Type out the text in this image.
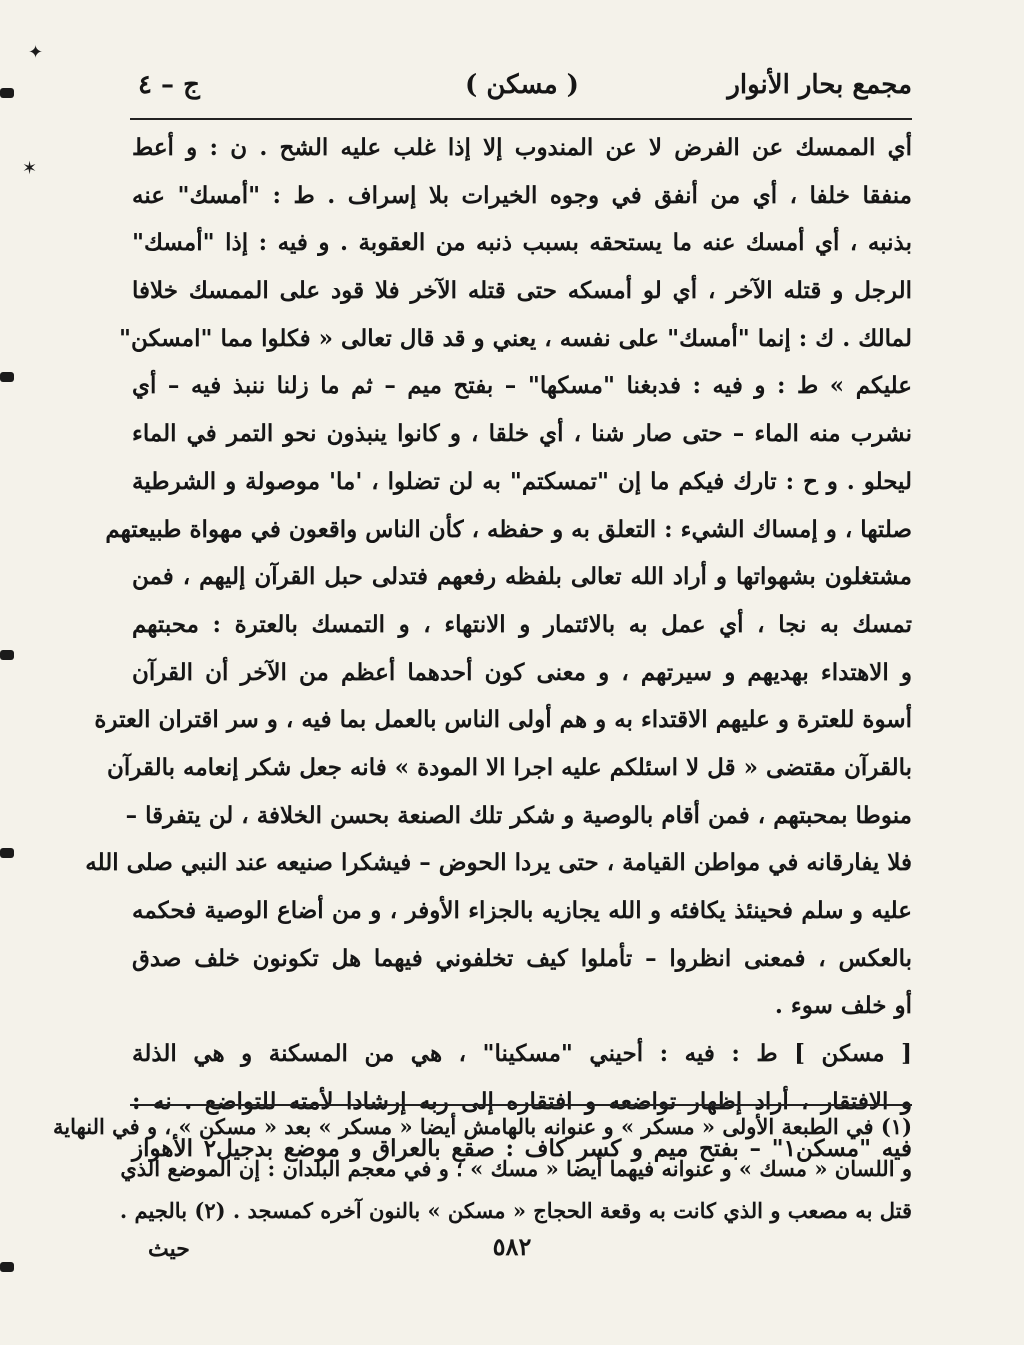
مجمع بحار الأنوار
( مسكن )
ج – ٤
أي الممسك عن الفرض لا عن المندوب إلا إذا غلب عليه الشح . ن : و أعط
منفقا خلفا ، أي من أنفق في وجوه الخيرات بلا إسراف . ط : "أمسك" عنه
بذنبه ، أي أمسك عنه ما يستحقه بسبب ذنبه من العقوبة . و فيه : إذا "أمسك"
الرجل و قتله الآخر ، أي لو أمسكه حتى قتله الآخر فلا قود على الممسك خلافا
لمالك . ك : إنما "أمسك" على نفسه ، يعني و قد قال تعالى « فكلوا مما "امسكن"
عليكم » ط : و فيه : فدبغنا "مسكها" – بفتح ميم – ثم ما زلنا ننبذ فيه – أي
نشرب منه الماء – حتى صار شنا ، أي خلقا ، و كانوا ينبذون نحو التمر في الماء
ليحلو . و ح : تارك فيكم ما إن "تمسكتم" به لن تضلوا ، 'ما' موصولة و الشرطية
صلتها ، و إمساك الشيء : التعلق به و حفظه ، كأن الناس واقعون في مهواة طبيعتهم
مشتغلون بشهواتها و أراد الله تعالى بلفظه رفعهم فتدلى حبل القرآن إليهم ، فمن
تمسك به نجا ، أي عمل به بالائتمار و الانتهاء ، و التمسك بالعترة : محبتهم
و الاهتداء بهديهم و سيرتهم ، و معنى كون أحدهما أعظم من الآخر أن القرآن
أسوة للعترة و عليهم الاقتداء به و هم أولى الناس بالعمل بما فيه ، و سر اقتران العترة
بالقرآن مقتضى « قل لا اسئلكم عليه اجرا الا المودة » فانه جعل شكر إنعامه بالقرآن
منوطا بمحبتهم ، فمن أقام بالوصية و شكر تلك الصنعة بحسن الخلافة ، لن يتفرقا –
فلا يفارقانه في مواطن القيامة ، حتى يردا الحوض – فيشكرا صنيعه عند النبي صلى الله
عليه و سلم فحينئذ يكافئه و الله يجازيه بالجزاء الأوفر ، و من أضاع الوصية فحكمه
بالعكس ، فمعنى انظروا – تأملوا كيف تخلفوني فيهما هل تكونون خلف صدق
أو خلف سوء .
[ مسكن ] ط : فيه : أحيني "مسكينا" ، هي من المسكنة و هي الذلة
و الافتقار ، أراد إظهار تواضعه و افتقاره إلى ربه إرشادا لأمته للتواضع . نه :
فيه "مسكن١" – بفتح ميم و كسر كاف : صقع بالعراق و موضع بدجيل٢ الأهواز
(١) في الطبعة الأولى « مسكر » و عنوانه بالهامش أيضا « مسكر » بعد « مسكن » ، و في النهاية
و اللسان « مسك » و عنوانه فيهما أيضا « مسك » ؛ و في معجم البلدان : إن الموضع الذي
قتل به مصعب و الذي كانت به وقعة الحجاج « مسكن » بالنون آخره كمسجد . (٢) بالجيم .
٥٨٢
حيث
✦
✶
